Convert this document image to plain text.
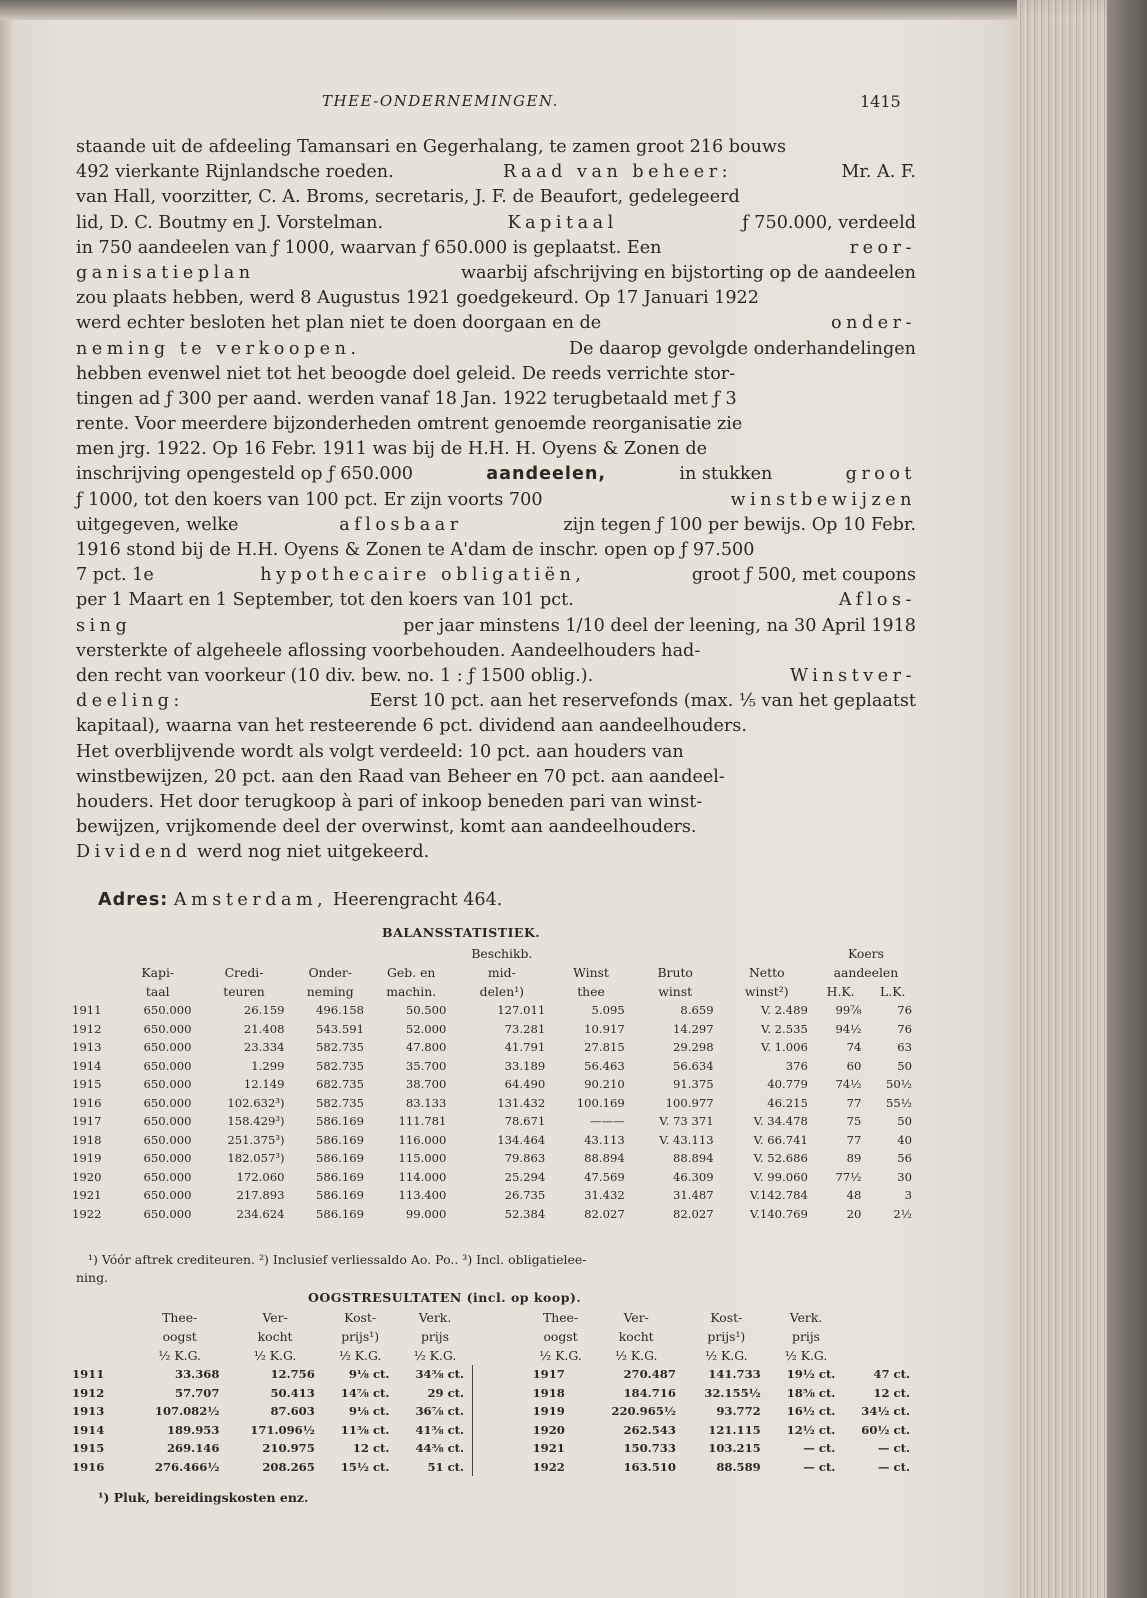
THEE-ONDERNEMINGEN.	1415
staande uit de afdeeling Tamansari en Gegerhalang, te zamen groot 216 bouws
492 vierkante Rijnlandsche roeden.	Raad van beheer:	Mr. A. F.
van Hall, voorzitter, C. A. Broms, secretaris, J. F. de Beaufort, gedelegeerd
lid, D. C. Boutmy en J. Vorstelman.	Kapitaal	ƒ 750.000, verdeeld
in 750 aandeelen van ƒ 1000, waarvan ƒ 650.000 is geplaatst. Een	reor-
ganisatieplan	waarbij afschrijving en bijstorting op de aandeelen
zou plaats hebben, werd 8 Augustus 1921 goedgekeurd. Op 17 Januari 1922
werd echter besloten het plan niet te doen doorgaan en de	onder-
neming te verkoopen.	De daarop gevolgde onderhandelingen
hebben evenwel niet tot het beoogde doel geleid. De reeds verrichte stor-
tingen ad ƒ 300 per aand. werden vanaf 18 Jan. 1922 terugbetaald met ƒ 3
rente. Voor meerdere bijzonderheden omtrent genoemde reorganisatie zie
men jrg. 1922. Op 16 Febr. 1911 was bij de H.H. H. Oyens & Zonen de
inschrijving opengesteld op ƒ 650.000	aandeelen,	in stukken	groot
ƒ 1000, tot den koers van 100 pct. Er zijn voorts 700	winstbewijzen
uitgegeven, welke	aflosbaar	zijn tegen ƒ 100 per bewijs. Op 10 Febr.
1916 stond bij de H.H. Oyens & Zonen te A'dam de inschr. open op ƒ 97.500
7 pct. 1e	hypothecaire obligatiën,	groot ƒ 500, met coupons
per 1 Maart en 1 September, tot den koers van 101 pct.	Aflos-
sing	per jaar minstens 1/10 deel der leening, na 30 April 1918
versterkte of algeheele aflossing voorbehouden. Aandeelhouders had-
den recht van voorkeur (10 div. bew. no. 1 : ƒ 1500 oblig.).	Winstver-
deeling:	Eerst 10 pct. aan het reservefonds (max. ⅕ van het geplaatst
kapitaal), waarna van het resteerende 6 pct. dividend aan aandeelhouders.
Het overblijvende wordt als volgt verdeeld: 10 pct. aan houders van
winstbewijzen, 20 pct. aan den Raad van Beheer en 70 pct. aan aandeel-
houders. Het door terugkoop à pari of inkoop beneden pari van winst-
bewijzen, vrijkomende deel der overwinst, komt aan aandeelhouders.
Dividend
werd nog niet uitgekeerd.
Adres: Amsterdam, Heerengracht 464.
BALANSSTATISTIEK.
					Beschikb.				Koers	
	Kapi-	Credi-	Onder-	Geb. en	mid-	Winst	Bruto	Netto	aandeelen	
	taal	teuren	neming	machin.	delen¹)	thee	winst	winst²)	H.K.	L.K.
1911	650.000	26.159	496.158	50.500	127.011	5.095	8.659	V. 2.489	99⅞	76
1912	650.000	21.408	543.591	52.000	73.281	10.917	14.297	V. 2.535	94½	76
1913	650.000	23.334	582.735	47.800	41.791	27.815	29.298	V. 1.006	74	63
1914	650.000	1.299	582.735	35.700	33.189	56.463	56.634	376	60	50
1915	650.000	12.149	682.735	38.700	64.490	90.210	91.375	40.779	74½	50½
1916	650.000	102.632³)	582.735	83.133	131.432	100.169	100.977	46.215	77	55½
1917	650.000	158.429³)	586.169	111.781	78.671	———	V. 73 371	V. 34.478	75	50
1918	650.000	251.375³)	586.169	116.000	134.464	43.113	V. 43.113	V. 66.741	77	40
1919	650.000	182.057³)	586.169	115.000	79.863	88.894	88.894	V. 52.686	89	56
1920	650.000	172.060	586.169	114.000	25.294	47.569	46.309	V. 99.060	77½	30
1921	650.000	217.893	586.169	113.400	26.735	31.432	31.487	V.142.784	48	3
1922	650.000	234.624	586.169	99.000	52.384	82.027	82.027	V.140.769	20	2½
¹) Vóór aftrek crediteuren. ²) Inclusief verliessaldo Ao. Po.. ³) Incl. obligatielee-
ning.
OOGSTRESULTATEN (incl. op koop).
	Thee-	Ver-	Kost-	Verk.		Thee-	Ver-	Kost-	Verk.	
	oogst	kocht	prijs¹)	prijs		oogst	kocht	prijs¹)	prijs	
	½ K.G.	½ K.G.	½ K.G.	½ K.G.		½ K.G.	½ K.G.	½ K.G.	½ K.G.	
1911	33.368	12.756	9⅛ ct.	34⅜ ct.		1917	270.487	141.733	19½ ct.	47 ct.
1912	57.707	50.413	14⅞ ct.	29 ct.		1918	184.716	32.155½	18⅝ ct.	12 ct.
1913	107.082½	87.603	9⅛ ct.	36⅞ ct.		1919	220.965½	93.772	16½ ct.	34½ ct.
1914	189.953	171.096½	11⅜ ct.	41⅜ ct.		1920	262.543	121.115	12½ ct.	60½ ct.
1915	269.146	210.975	12 ct.	44⅜ ct.		1921	150.733	103.215	— ct.	— ct.
1916	276.466½	208.265	15½ ct.	51 ct.		1922	163.510	88.589	— ct.	— ct.
¹) Pluk, bereidingskosten enz.
